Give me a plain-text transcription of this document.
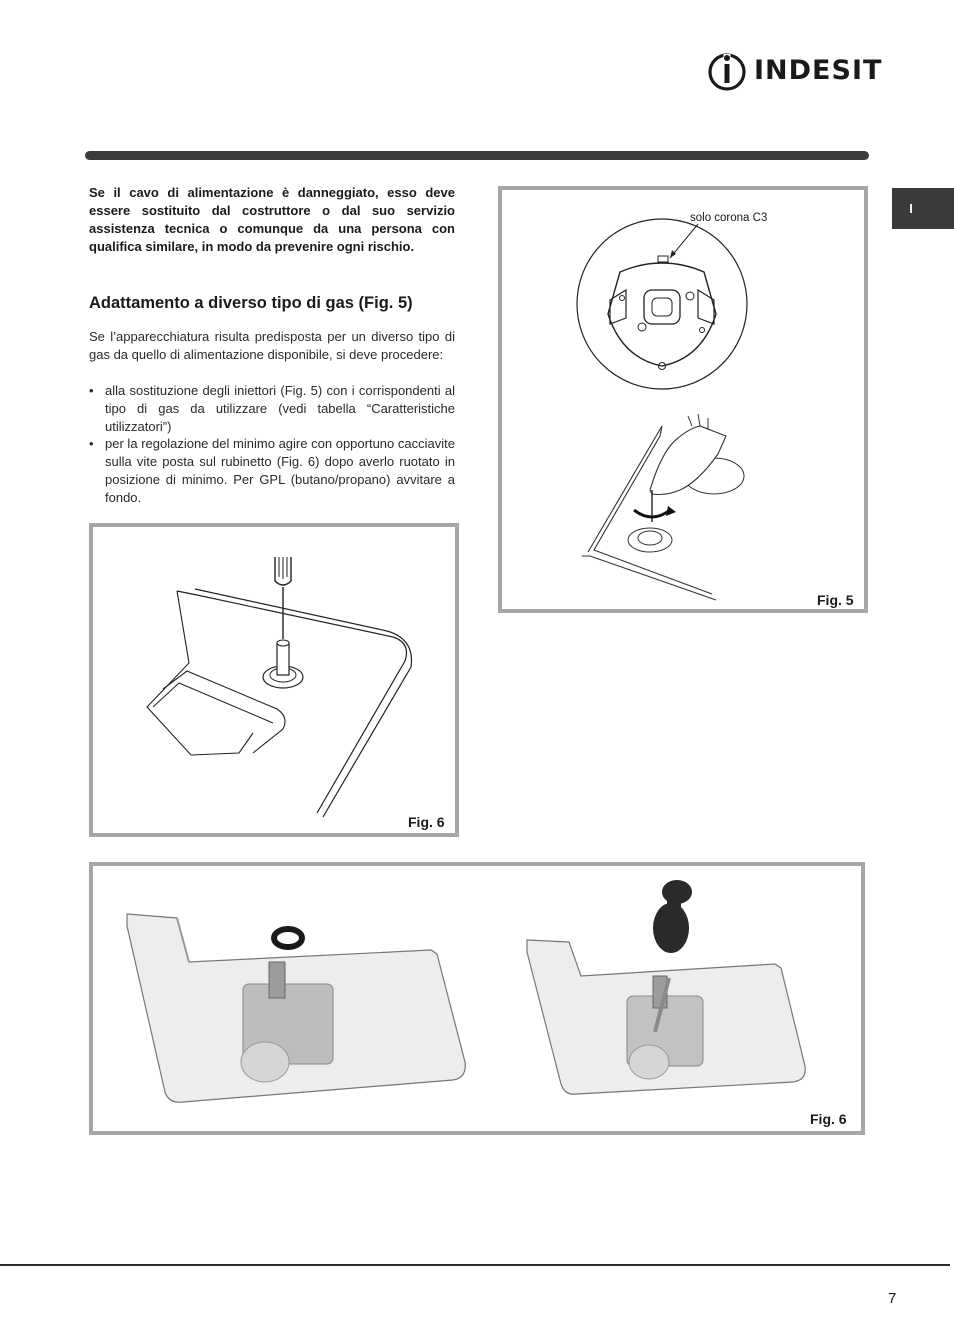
INDESIT
I

Se il cavo di alimentazione è danneggiato, esso deve essere sostituito dal costruttore o dal suo servizio assistenza tecnica o comunque da una persona con qualifica similare, in modo da prevenire ogni rischio.

Adattamento a diverso tipo di gas (Fig. 5)

Se l’apparecchiatura risulta predisposta per un diverso tipo di gas da quello di alimentazione disponibile, si deve procedere:

• alla sostituzione degli iniettori (Fig. 5) con i corrispondenti al tipo di gas da utilizzare (vedi tabella “Caratteristiche utilizzatori”)
• per la regolazione del minimo agire con opportuno cacciavite sulla vite posta sul rubinetto (Fig. 6) dopo averlo ruotato in posizione di minimo. Per GPL (butano/propano) avvitare a fondo.
solo corona C3
Fig. 5
Fig. 6
Fig. 6
7
